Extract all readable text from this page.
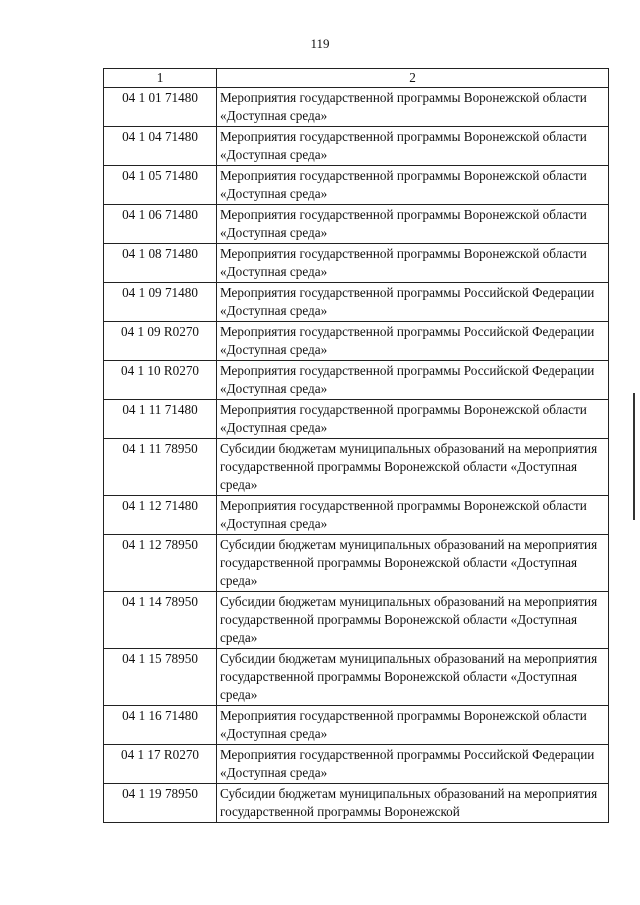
119
1	2
04 1 01 71480	Мероприятия государственной программы Воронежской области «Доступная среда»
04 1 04 71480	Мероприятия государственной программы Воронежской области «Доступная среда»
04 1 05 71480	Мероприятия государственной программы Воронежской области «Доступная среда»
04 1 06 71480	Мероприятия государственной программы Воронежской области «Доступная среда»
04 1 08 71480	Мероприятия государственной программы Воронежской области «Доступная среда»
04 1 09 71480	Мероприятия государственной программы Российской Федерации «Доступная среда»
04 1 09 R0270	Мероприятия государственной программы Российской Федерации «Доступная среда»
04 1 10 R0270	Мероприятия государственной программы Российской Федерации «Доступная среда»
04 1 11 71480	Мероприятия государственной программы Воронежской области «Доступная среда»
04 1 11 78950	Субсидии бюджетам муниципальных образований на мероприятия государственной программы Воронежской области «Доступная среда»
04 1 12 71480	Мероприятия государственной программы Воронежской области «Доступная среда»
04 1 12 78950	Субсидии бюджетам муниципальных образований на мероприятия государственной программы Воронежской области «Доступная среда»
04 1 14 78950	Субсидии бюджетам муниципальных образований на мероприятия государственной программы Воронежской области «Доступная среда»
04 1 15 78950	Субсидии бюджетам муниципальных образований на мероприятия государственной программы Воронежской области «Доступная среда»
04 1 16 71480	Мероприятия государственной программы Воронежской области «Доступная среда»
04 1 17 R0270	Мероприятия государственной программы Российской Федерации «Доступная среда»
04 1 19 78950	Субсидии бюджетам муниципальных образований на мероприятия государственной программы Воронежской
